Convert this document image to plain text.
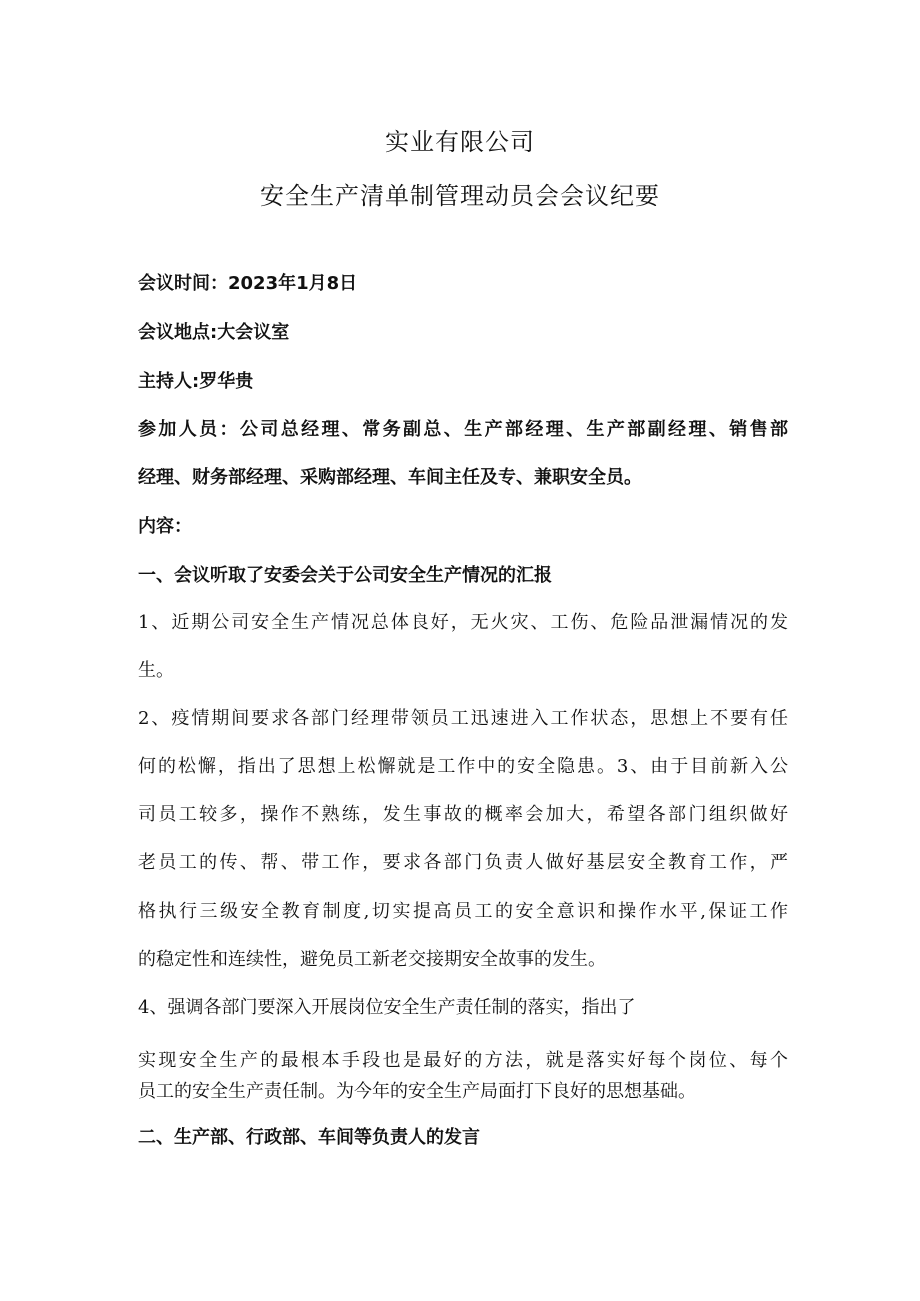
实业有限公司
安全生产清单制管理动员会会议纪要
会议时间：2023年1月8日
会议地点:大会议室
主持人:罗华贵
参加人员：公司总经理、常务副总、生产部经理、生产部副经理、销售部
经理、财务部经理、采购部经理、车间主任及专、兼职安全员。
内容：
一、会议听取了安委会关于公司安全生产情况的汇报
1、近期公司安全生产情况总体良好，无火灾、工伤、危险品泄漏情况的发
生。
2、疫情期间要求各部门经理带领员工迅速进入工作状态，思想上不要有任
何的松懈，指出了思想上松懈就是工作中的安全隐患。3、由于目前新入公
司员工较多，操作不熟练，发生事故的概率会加大，希望各部门组织做好
老员工的传、帮、带工作，要求各部门负责人做好基层安全教育工作，严
格执行三级安全教育制度,切实提高员工的安全意识和操作水平,保证工作
的稳定性和连续性，避免员工新老交接期安全故事的发生。
4、强调各部门要深入开展岗位安全生产责任制的落实，指出了
实现安全生产的最根本手段也是最好的方法，就是落实好每个岗位、每个
员工的安全生产责任制。为今年的安全生产局面打下良好的思想基础。
二、生产部、行政部、车间等负责人的发言
